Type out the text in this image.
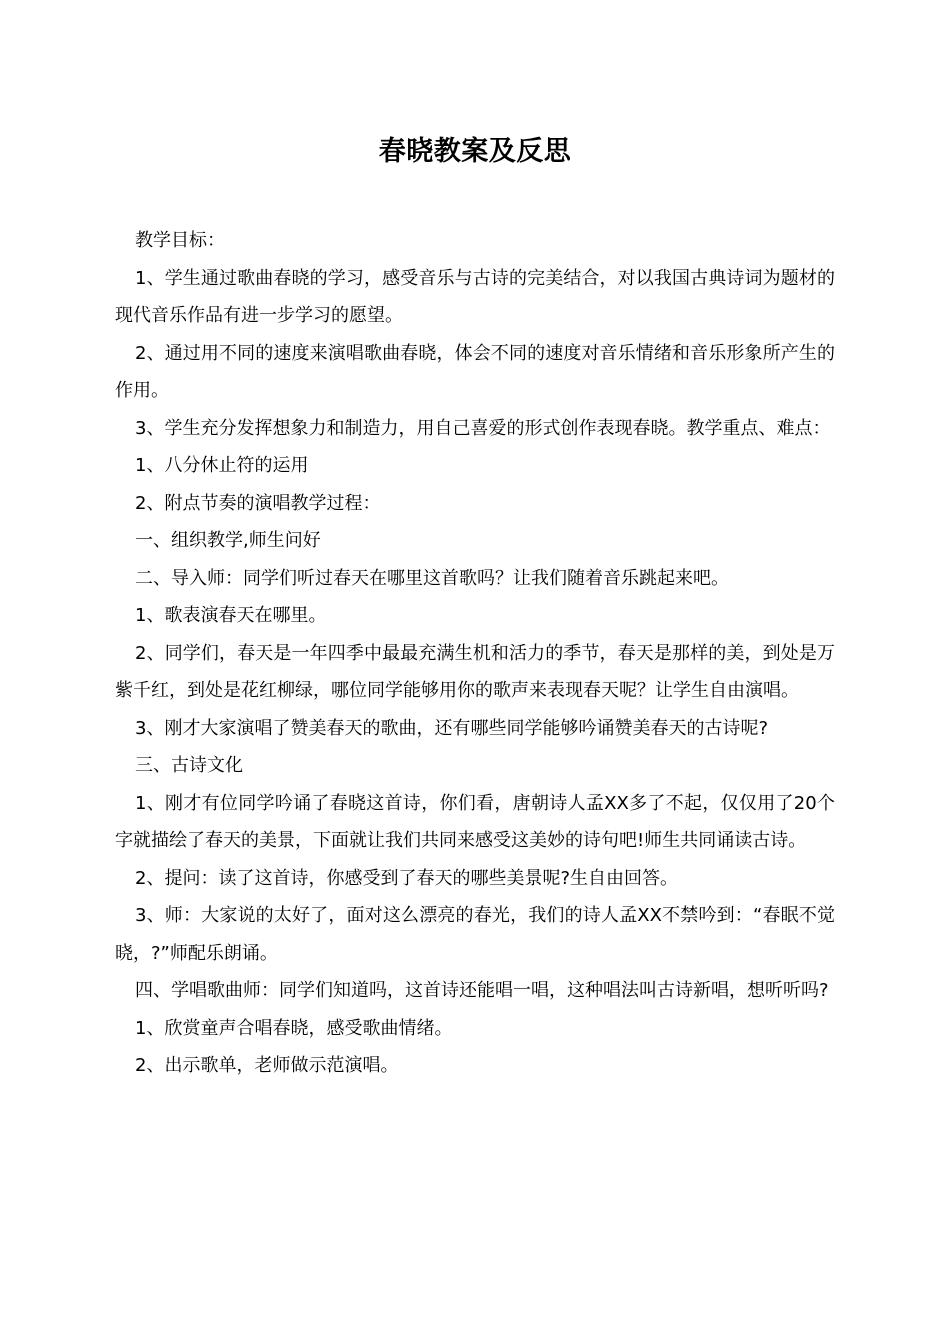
春晓教案及反思

教学目标：

1、学生通过歌曲春晓的学习，感受音乐与古诗的完美结合，对以我国古典诗词为题材的现代音乐作品有进一步学习的愿望。

2、通过用不同的速度来演唱歌曲春晓，体会不同的速度对音乐情绪和音乐形象所产生的作用。

3、学生充分发挥想象力和制造力，用自己喜爱的形式创作表现春晓。教学重点、难点：

1、八分休止符的运用

2、附点节奏的演唱教学过程：

一、组织教学,师生问好

二、导入师：同学们听过春天在哪里这首歌吗？让我们随着音乐跳起来吧。

1、歌表演春天在哪里。

2、同学们，春天是一年四季中最最充满生机和活力的季节，春天是那样的美，到处是万紫千红，到处是花红柳绿，哪位同学能够用你的歌声来表现春天呢？让学生自由演唱。

3、刚才大家演唱了赞美春天的歌曲，还有哪些同学能够吟诵赞美春天的古诗呢?

三、古诗文化

1、刚才有位同学吟诵了春晓这首诗，你们看，唐朝诗人孟XX多了不起，仅仅用了20个字就描绘了春天的美景，下面就让我们共同来感受这美妙的诗句吧!师生共同诵读古诗。

2、提问：读了这首诗，你感受到了春天的哪些美景呢?生自由回答。

3、师：大家说的太好了，面对这么漂亮的春光，我们的诗人孟XX不禁吟到：“春眠不觉晓，?”师配乐朗诵。

四、学唱歌曲师：同学们知道吗，这首诗还能唱一唱，这种唱法叫古诗新唱，想听听吗?

1、欣赏童声合唱春晓，感受歌曲情绪。

2、出示歌单，老师做示范演唱。
